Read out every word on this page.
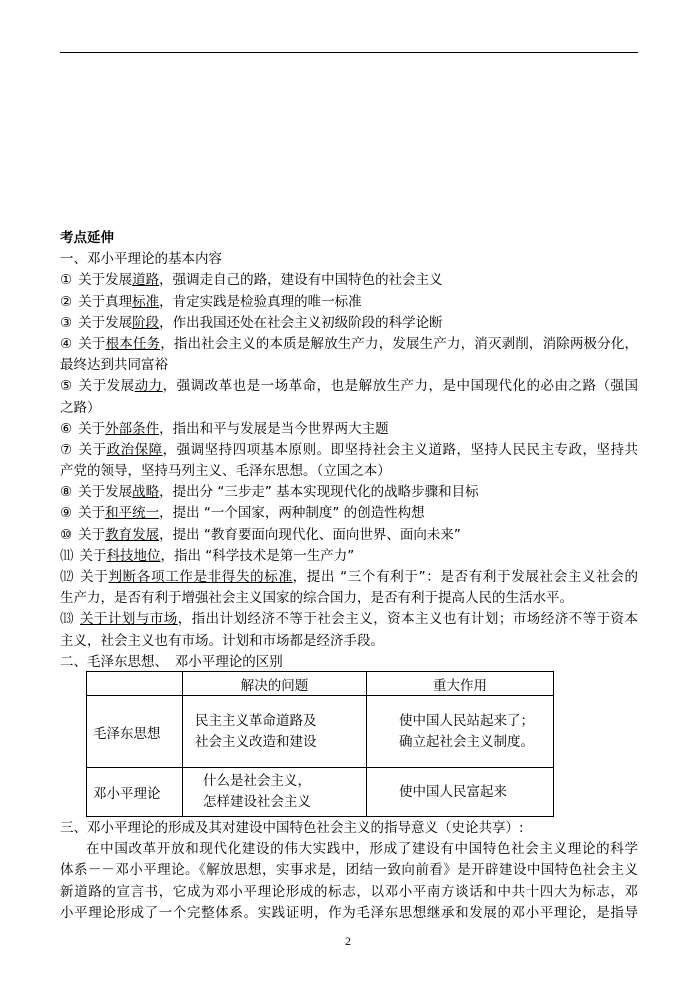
考点延伸
一、邓小平理论的基本内容
① 关于发展道路，强调走自己的路，建设有中国特色的社会主义
② 关于真理标准，肯定实践是检验真理的唯一标准
③ 关于发展阶段，作出我国还处在社会主义初级阶段的科学论断
④ 关于根本任务，指出社会主义的本质是解放生产力，发展生产力，消灭剥削，消除两极分化，
最终达到共同富裕
⑤ 关于发展动力，强调改革也是一场革命，也是解放生产力，是中国现代化的必由之路（强国
之路）
⑥ 关于外部条件，指出和平与发展是当今世界两大主题
⑦ 关于政治保障，强调坚持四项基本原则。即坚持社会主义道路，坚持人民民主专政，坚持共
产党的领导，坚持马列主义、毛泽东思想。（立国之本）
⑧ 关于发展战略，提出分 “三步走” 基本实现现代化的战略步骤和目标
⑨ 关于和平统一，提出 “一个国家，两种制度” 的创造性构想
⑩ 关于教育发展，提出 “教育要面向现代化、面向世界、面向未来”
⑾ 关于科技地位，指出 “科学技术是第一生产力”
⑿ 关于判断各项工作是非得失的标准，提出 “三个有利于”：是否有利于发展社会主义社会的
生产力，是否有利于增强社会主义国家的综合国力，是否有利于提高人民的生活水平。
⒀ 关于计划与市场，指出计划经济不等于社会主义，资本主义也有计划；市场经济不等于资本
主义，社会主义也有市场。计划和市场都是经济手段。
二、毛泽东思想、　邓小平理论的区别
	解决的问题	重大作用
毛泽东思想	民主主义革命道路及
社会主义改造和建设	使中国人民站起来了；
确立起社会主义制度。

邓小平理论	什么是社会主义，
怎样建设社会主义	使中国人民富起来
三、邓小平理论的形成及其对建设中国特色社会主义的指导意义（史论共享）:
在中国改革开放和现代化建设的伟大实践中，形成了建设有中国特色社会主义理论的科学
体系－－邓小平理论。《解放思想，实事求是，团结一致向前看》是开辟建设中国特色社会主义
新道路的宣言书，它成为邓小平理论形成的标志，以邓小平南方谈话和中共十四大为标志，邓
小平理论形成了一个完整体系。实践证明，作为毛泽东思想继承和发展的邓小平理论，是指导
2
